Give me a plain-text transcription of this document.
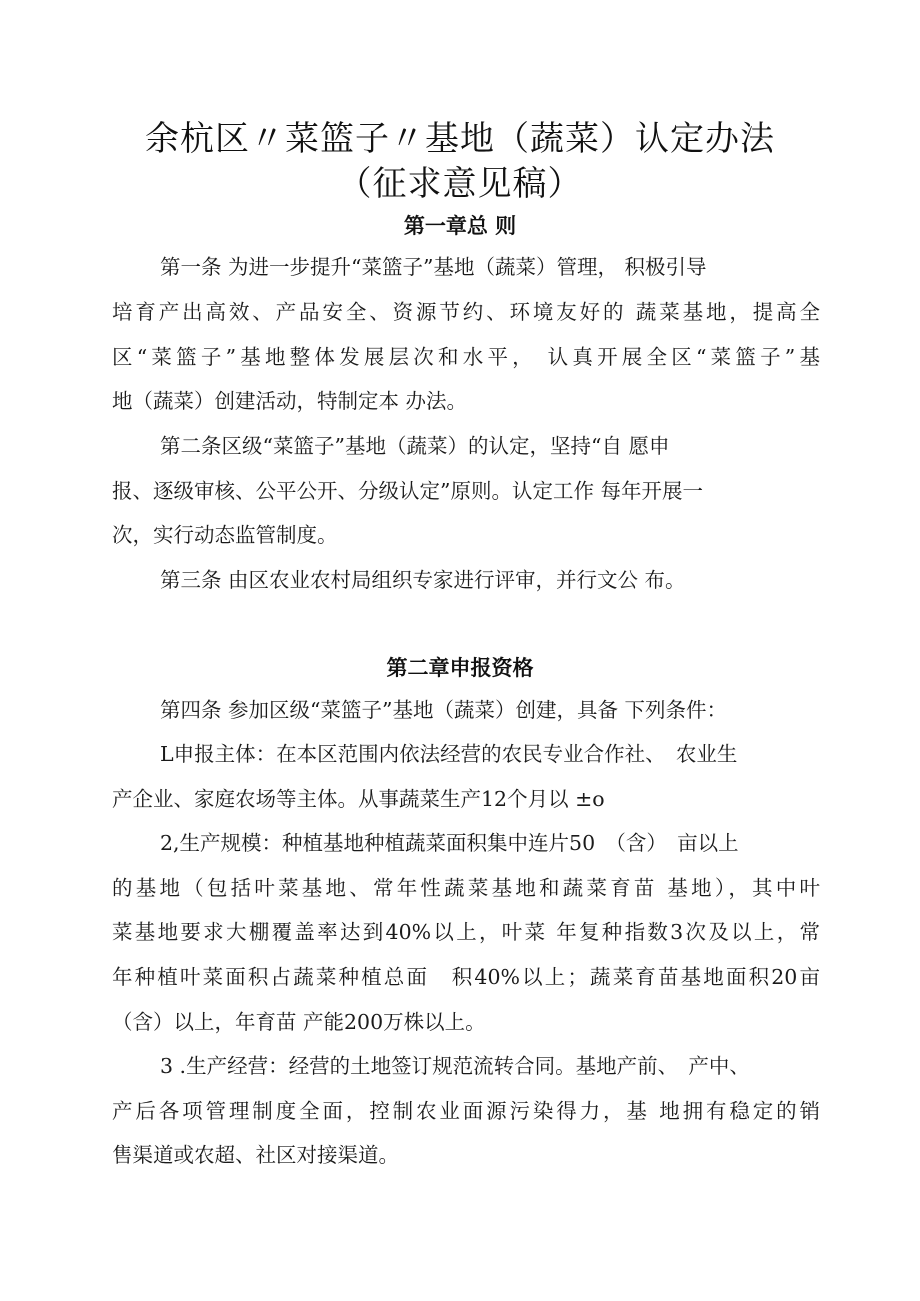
余杭区〃菜篮子〃基地（蔬菜）认定办法
（征求意见稿）
第一章总 则
第一条 为进一步提升“菜篮子”基地（蔬菜）管理， 积极引导
培育产出高效、产品安全、资源节约、环境友好的 蔬菜基地，提高全
区“菜篮子”基地整体发展层次和水平， 认真开展全区“菜篮子”基
地（蔬菜）创建活动，特制定本 办法。
第二条区级“菜篮子”基地（蔬菜）的认定，坚持“自 愿申
报、逐级审核、公平公开、分级认定”原则。认定工作 每年开展一
次，实行动态监管制度。
第三条 由区农业农村局组织专家进行评审，并行文公 布。
第二章申报资格
第四条 参加区级“菜篮子”基地（蔬菜）创建，具备 下列条件：
L申报主体：在本区范围内依法经营的农民专业合作社、　农业生
产企业、家庭农场等主体。从事蔬菜生产12个月以 ±o
2,生产规模：种植基地种植蔬菜面积集中连片50　（含）　亩以上
的基地（包括叶菜基地、常年性蔬菜基地和蔬菜育苗 基地），其中叶
菜基地要求大棚覆盖率达到40%以上，叶菜 年复种指数3次及以上，常
年种植叶菜面积占蔬菜种植总面　积40%以上；蔬菜育苗基地面积20亩
（含）以上，年育苗 产能200万株以上。
3 .生产经营：经营的土地签订规范流转合同。基地产前、　产中、
产后各项管理制度全面，控制农业面源污染得力，基 地拥有稳定的销
售渠道或农超、社区对接渠道。
